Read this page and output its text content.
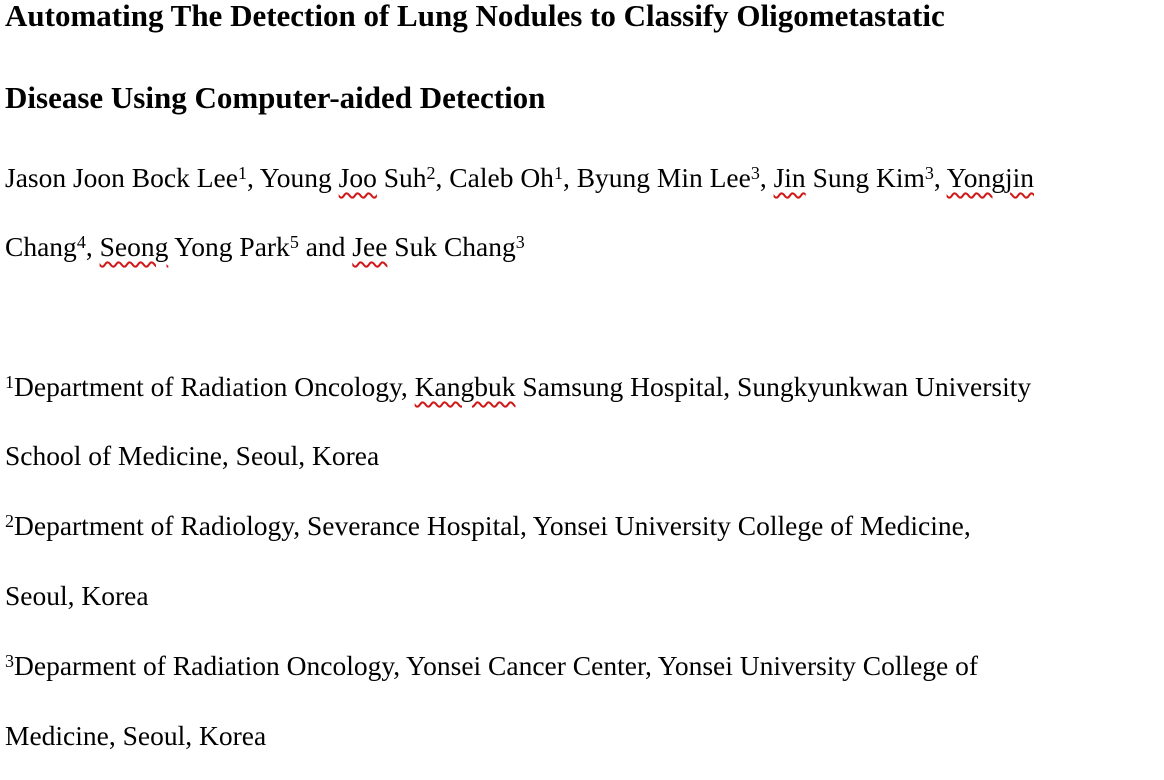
Automating The Detection of Lung Nodules to Classify Oligometastatic
Disease Using Computer-aided Detection
Jason Joon Bock Lee$^1$, Young Joo Suh$^2$, Caleb Oh$^1$, Byung Min Lee$^3$, Jin Sung Kim$^3$, Yongjin
Chang$^4$, Seong Yong Park$^5$ and Jee Suk Chang$^3$
$^1$Department of Radiation Oncology, Kangbuk Samsung Hospital, Sungkyunkwan University
School of Medicine, Seoul, Korea
$^2$Department of Radiology, Severance Hospital, Yonsei University College of Medicine,
Seoul, Korea
$^3$Deparment of Radiation Oncology, Yonsei Cancer Center, Yonsei University College of
Medicine, Seoul, Korea
